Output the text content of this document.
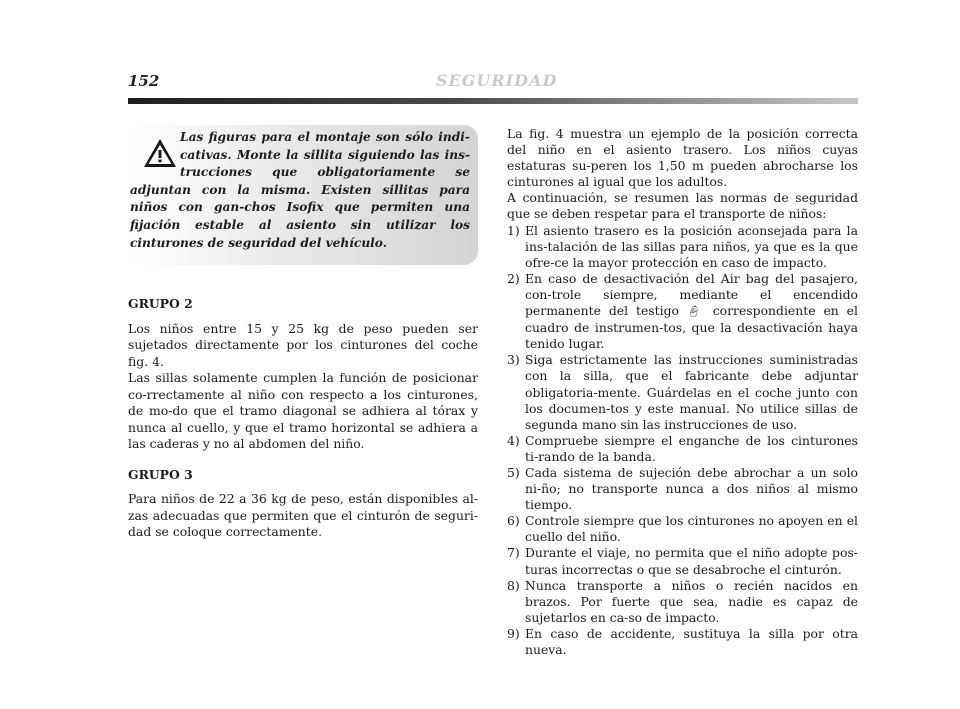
152	SEGURIDAD

Las figuras para el montaje son sólo indi-cativas. Monte la sillita siguiendo las ins-trucciones que obligatoriamente se adjuntan con la misma. Existen sillitas para niños con gan-chos Isofix que permiten una fijación estable al asiento sin utilizar los cinturones de seguridad del vehículo.

GRUPO 2

Los niños entre 15 y 25 kg de peso pueden ser sujetados directamente por los cinturones del coche fig. 4.

Las sillas solamente cumplen la función de posicionar co-rrectamente al niño con respecto a los cinturones, de mo-do que el tramo diagonal se adhiera al tórax y nunca al cuello, y que el tramo horizontal se adhiera a las caderas y no al abdomen del niño.

GRUPO 3

Para niños de 22 a 36 kg de peso, están disponibles al-zas adecuadas que permiten que el cinturón de seguri-dad se coloque correctamente.

La fig. 4 muestra un ejemplo de la posición correcta del niño en el asiento trasero. Los niños cuyas estaturas su-peren los 1,50 m pueden abrocharse los cinturones al igual que los adultos.

A continuación, se resumen las normas de seguridad que se deben respetar para el transporte de niños:

1) El asiento trasero es la posición aconsejada para la ins-talación de las sillas para niños, ya que es la que ofre-ce la mayor protección en caso de impacto.
2) En caso de desactivación del Air bag del pasajero, con-trole siempre, mediante el encendido permanente del testigo 👶︎ correspondiente en el cuadro de instrumen-tos, que la desactivación haya tenido lugar.
3) Siga estrictamente las instrucciones suministradas con la silla, que el fabricante debe adjuntar obligatoria-mente. Guárdelas en el coche junto con los documen-tos y este manual. No utilice sillas de segunda mano sin las instrucciones de uso.
4) Compruebe siempre el enganche de los cinturones ti-rando de la banda.
5) Cada sistema de sujeción debe abrochar a un solo ni-ño; no transporte nunca a dos niños al mismo tiempo.
6) Controle siempre que los cinturones no apoyen en el cuello del niño.
7) Durante el viaje, no permita que el niño adopte pos-turas incorrectas o que se desabroche el cinturón.
8) Nunca transporte a niños o recién nacidos en brazos. Por fuerte que sea, nadie es capaz de sujetarlos en ca-so de impacto.
9) En caso de accidente, sustituya la silla por otra nueva.
